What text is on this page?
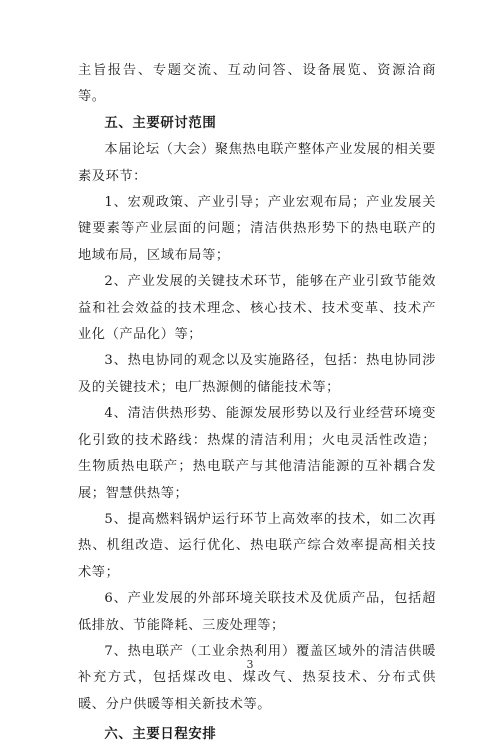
主旨报告、专题交流、互动问答、设备展览、资源洽商等。

五、主要研讨范围

本届论坛（大会）聚焦热电联产整体产业发展的相关要素及环节：

1、宏观政策、产业引导；产业宏观布局；产业发展关键要素等产业层面的问题；清洁供热形势下的热电联产的地域布局，区域布局等；

2、产业发展的关键技术环节，能够在产业引致节能效益和社会效益的技术理念、核心技术、技术变革、技术产业化（产品化）等；

3、热电协同的观念以及实施路径，包括：热电协同涉及的关键技术；电厂热源侧的储能技术等；

4、清洁供热形势、能源发展形势以及行业经营环境变化引致的技术路线：热煤的清洁利用；火电灵活性改造；生物质热电联产；热电联产与其他清洁能源的互补耦合发展；智慧供热等；

5、提高燃料锅炉运行环节上高效率的技术，如二次再热、机组改造、运行优化、热电联产综合效率提高相关技术等；

6、产业发展的外部环境关联技术及优质产品，包括超低排放、节能降耗、三废处理等；

7、热电联产（工业余热利用）覆盖区域外的清洁供暖补充方式，包括煤改电、煤改气、热泵技术、分布式供暖、分户供暖等相关新技术等。

六、主要日程安排

3
